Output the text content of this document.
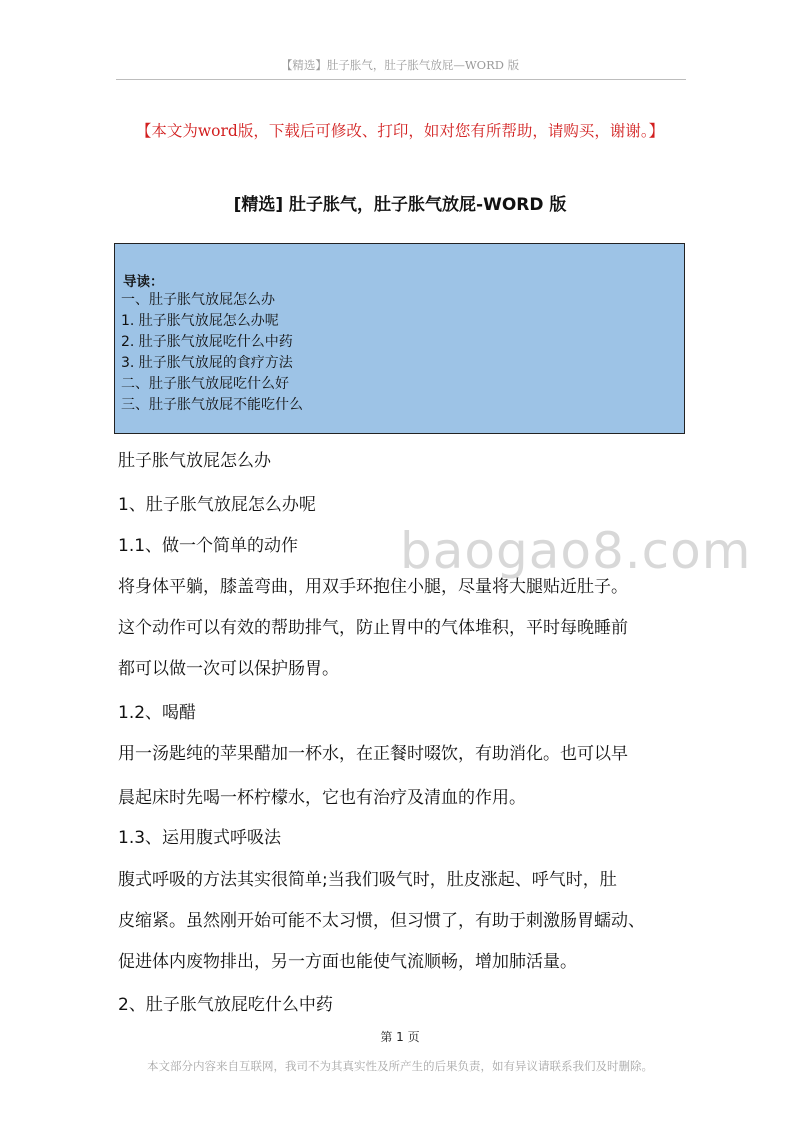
【精选】肚子胀气，肚子胀气放屁—WORD 版
【本文为word版，下载后可修改、打印，如对您有所帮助，请购买，谢谢。】
[精选] 肚子胀气，肚子胀气放屁-WORD 版
导读：
一、肚子胀气放屁怎么办
1. 肚子胀气放屁怎么办呢
2. 肚子胀气放屁吃什么中药
3. 肚子胀气放屁的食疗方法
二、肚子胀气放屁吃什么好
三、肚子胀气放屁不能吃什么
baogao8.com
肚子胀气放屁怎么办
1、肚子胀气放屁怎么办呢
1.1、做一个简单的动作
将身体平躺，膝盖弯曲，用双手环抱住小腿，尽量将大腿贴近肚子。
这个动作可以有效的帮助排气，防止胃中的气体堆积，平时每晚睡前
都可以做一次可以保护肠胃。
1.2、喝醋
用一汤匙纯的苹果醋加一杯水，在正餐时啜饮，有助消化。也可以早
晨起床时先喝一杯柠檬水，它也有治疗及清血的作用。
1.3、运用腹式呼吸法
腹式呼吸的方法其实很简单;当我们吸气时，肚皮涨起、呼气时，肚
皮缩紧。虽然刚开始可能不太习惯，但习惯了，有助于刺激肠胃蠕动、
促进体内废物排出，另一方面也能使气流顺畅，增加肺活量。
2、肚子胀气放屁吃什么中药
第 1 页
本文部分内容来自互联网，我司不为其真实性及所产生的后果负责，如有异议请联系我们及时删除。
